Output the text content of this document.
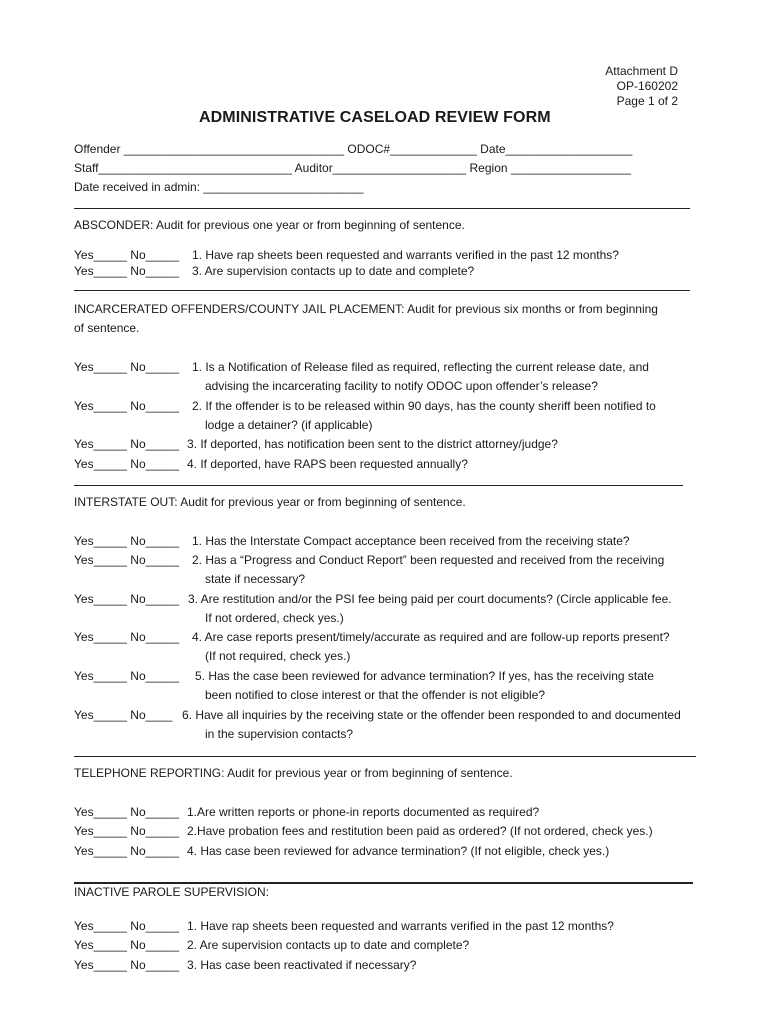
Attachment D
OP-160202
Page 1 of 2
ADMINISTRATIVE CASELOAD REVIEW FORM
Offender _________________________________ ODOC#_____________ Date___________________
Staff_____________________________ Auditor____________________ Region __________________
Date received in admin: ________________________
ABSCONDER: Audit for previous one year or from beginning of sentence.
Yes_____ No_____ 1. Have rap sheets been requested and warrants verified in the past 12 months?
Yes_____ No_____ 3. Are supervision contacts up to date and complete?
INCARCERATED OFFENDERS/COUNTY JAIL PLACEMENT: Audit for previous six months or from beginning
of sentence.
Yes_____ No_____ 1. Is a Notification of Release filed as required, reflecting the current release date, and
advising the incarcerating facility to notify ODOC upon offender’s release?
Yes_____ No_____ 2. If the offender is to be released within 90 days, has the county sheriff been notified to
lodge a detainer? (if applicable)
Yes_____ No_____ 3. If deported, has notification been sent to the district attorney/judge?
Yes_____ No_____ 4. If deported, have RAPS been requested annually?
INTERSTATE OUT: Audit for previous year or from beginning of sentence.
Yes_____ No_____ 1. Has the Interstate Compact acceptance been received from the receiving state?
Yes_____ No_____ 2. Has a “Progress and Conduct Report” been requested and received from the receiving
state if necessary?
Yes_____ No_____ 3. Are restitution and/or the PSI fee being paid per court documents? (Circle applicable fee.
If not ordered, check yes.)
Yes_____ No_____ 4. Are case reports present/timely/accurate as required and are follow-up reports present?
(If not required, check yes.)
Yes_____ No_____ 5. Has the case been reviewed for advance termination? If yes, has the receiving state
been notified to close interest or that the offender is not eligible?
Yes_____ No____ 6. Have all inquiries by the receiving state or the offender been responded to and documented
in the supervision contacts?
TELEPHONE REPORTING: Audit for previous year or from beginning of sentence.
Yes_____ No_____ 1.Are written reports or phone-in reports documented as required?
Yes_____ No_____ 2.Have probation fees and restitution been paid as ordered? (If not ordered, check yes.)
Yes_____ No_____ 4. Has case been reviewed for advance termination? (If not eligible, check yes.)
INACTIVE PAROLE SUPERVISION:
Yes_____ No_____ 1. Have rap sheets been requested and warrants verified in the past 12 months?
Yes_____ No_____ 2. Are supervision contacts up to date and complete?
Yes_____ No_____ 3. Has case been reactivated if necessary?
